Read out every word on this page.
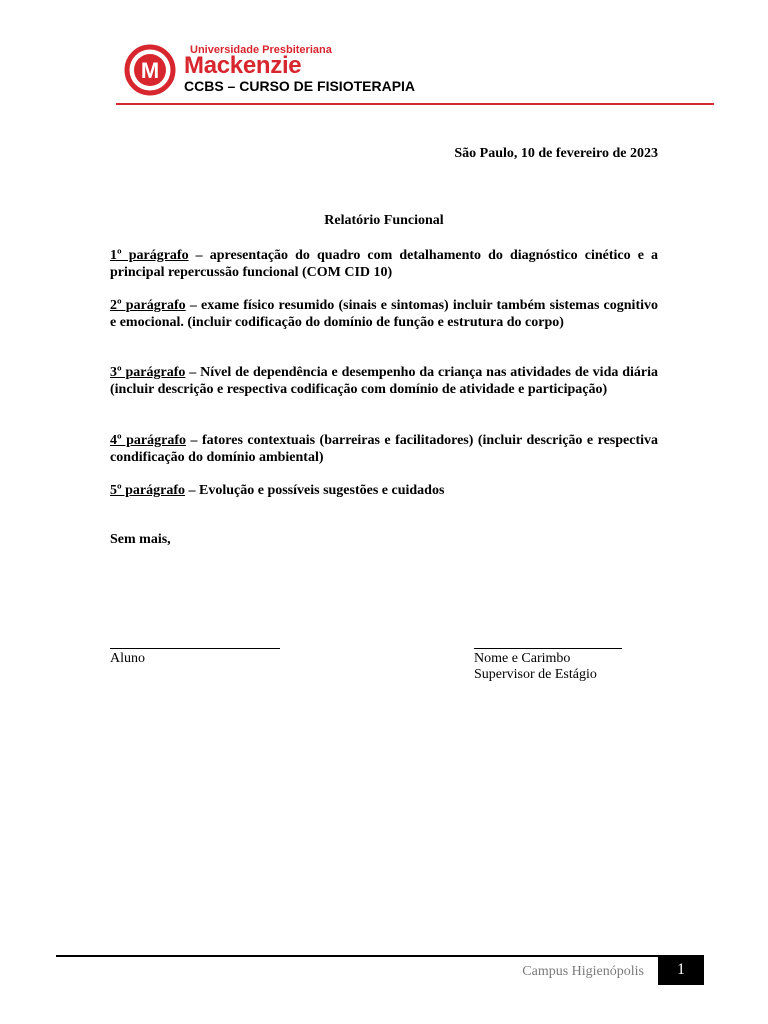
M
Universidade Presbiteriana
Mackenzie
CCBS – CURSO DE FISIOTERAPIA
São Paulo, 10 de fevereiro de 2023
Relatório Funcional
1º parágrafo – apresentação do quadro com detalhamento do diagnóstico cinético e a principal repercussão funcional (COM CID 10)
2º parágrafo – exame físico resumido (sinais e sintomas) incluir também sistemas cognitivo e emocional. (incluir codificação do domínio de função e estrutura do corpo)
3º parágrafo – Nível de dependência e desempenho da criança nas atividades de vida diária (incluir descrição e respectiva codificação com domínio de atividade e participação)
4º parágrafo – fatores contextuais (barreiras e facilitadores) (incluir descrição e respectiva condificação do domínio ambiental)
5º parágrafo – Evolução e possíveis sugestões e cuidados
Sem mais,
Aluno	Nome e Carimbo
Supervisor de Estágio
Campus Higienópolis	1
